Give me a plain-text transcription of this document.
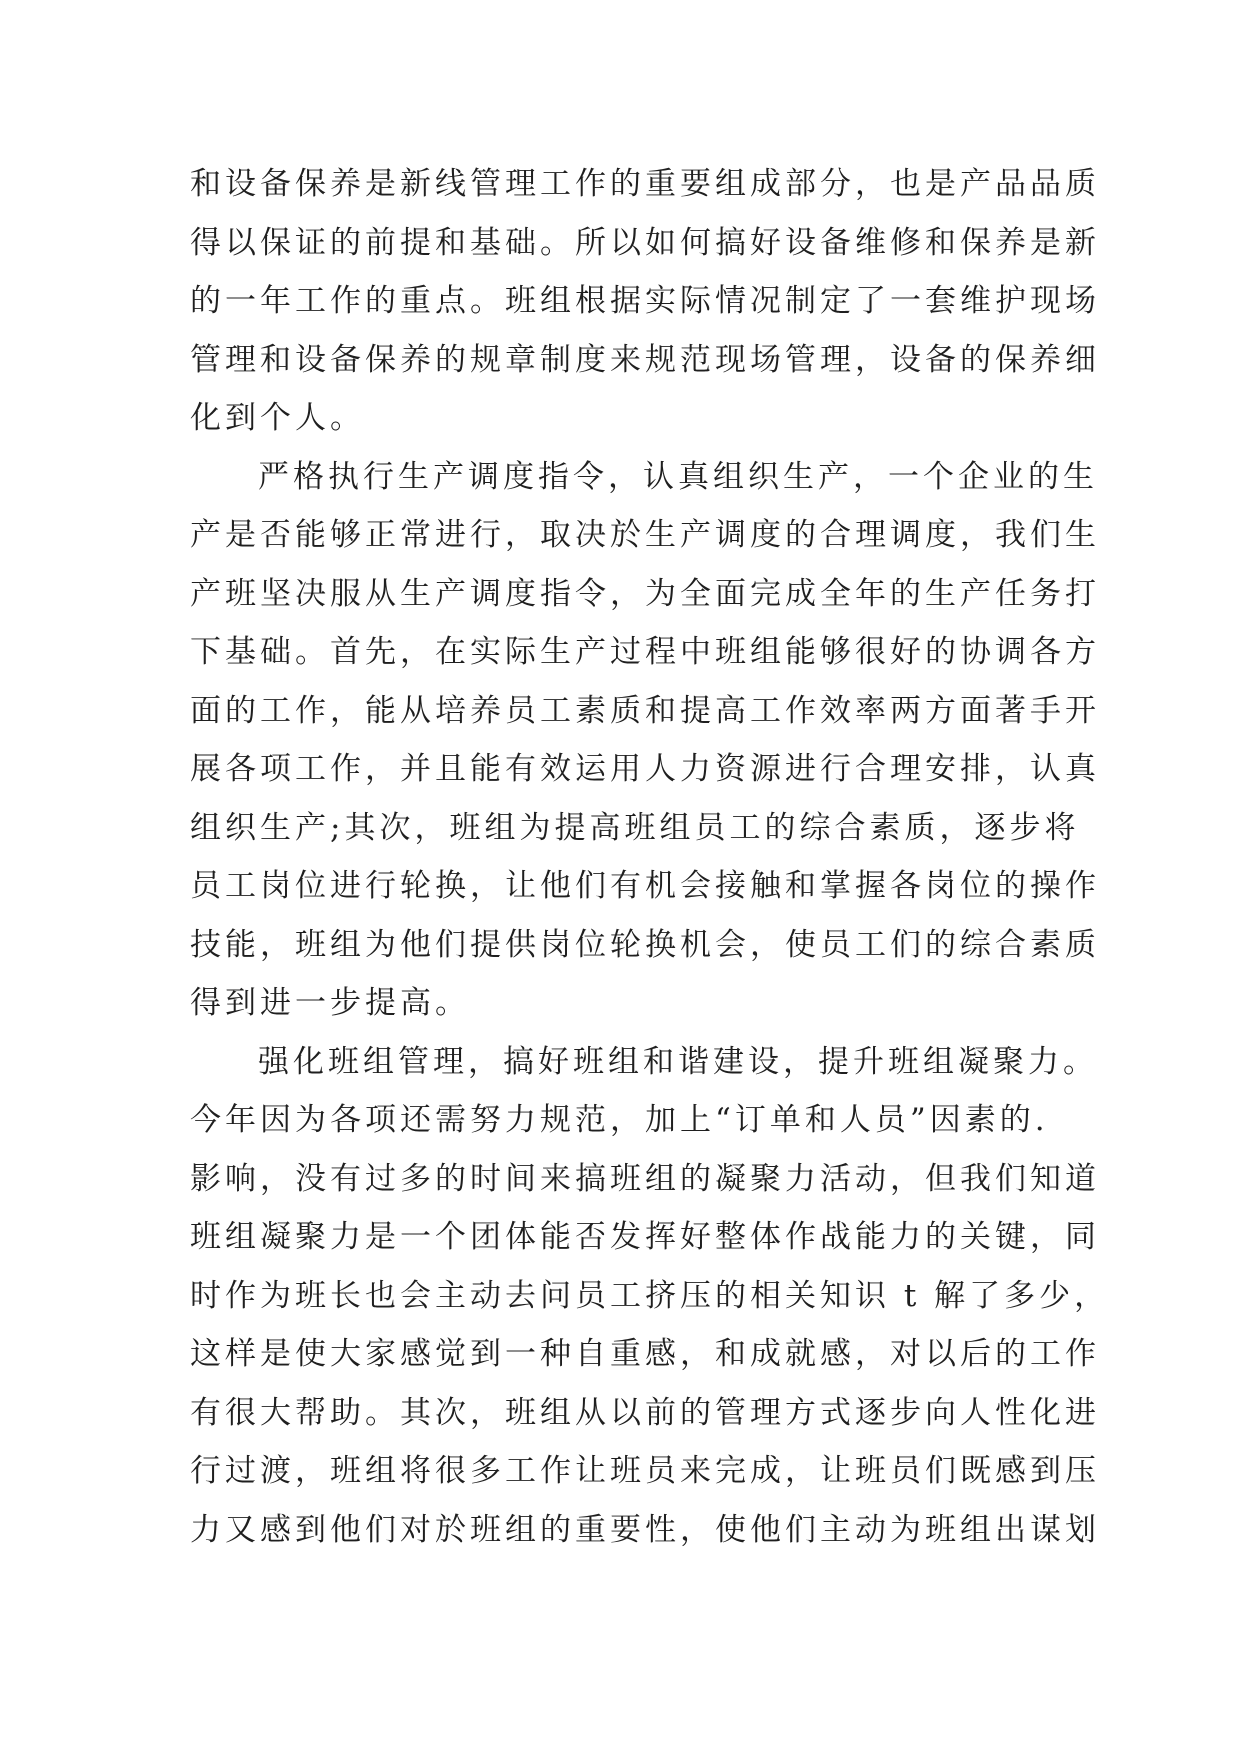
和设备保养是新线管理工作的重要组成部分，也是产品品质
得以保证的前提和基础。所以如何搞好设备维修和保养是新
的一年工作的重点。班组根据实际情况制定了一套维护现场
管理和设备保养的规章制度来规范现场管理，设备的保养细
化到个人。
严格执行生产调度指令，认真组织生产，一个企业的生
产是否能够正常进行，取决於生产调度的合理调度，我们生
产班坚决服从生产调度指令，为全面完成全年的生产任务打
下基础。首先，在实际生产过程中班组能够很好的协调各方
面的工作，能从培养员工素质和提高工作效率两方面著手开
展各项工作，并且能有效运用人力资源进行合理安排，认真
组织生产;其次，班组为提高班组员工的综合素质，逐步将
员工岗位进行轮换，让他们有机会接触和掌握各岗位的操作
技能，班组为他们提供岗位轮换机会，使员工们的综合素质
得到进一步提高。
强化班组管理，搞好班组和谐建设，提升班组凝聚力。
今年因为各项还需努力规范，加上“订单和人员”因素的.
影响，没有过多的时间来搞班组的凝聚力活动，但我们知道
班组凝聚力是一个团体能否发挥好整体作战能力的关键，同
时作为班长也会主动去问员工挤压的相关知识 t 解了多少，
这样是使大家感觉到一种自重感，和成就感，对以后的工作
有很大帮助。其次，班组从以前的管理方式逐步向人性化进
行过渡，班组将很多工作让班员来完成，让班员们既感到压
力又感到他们对於班组的重要性，使他们主动为班组出谋划
